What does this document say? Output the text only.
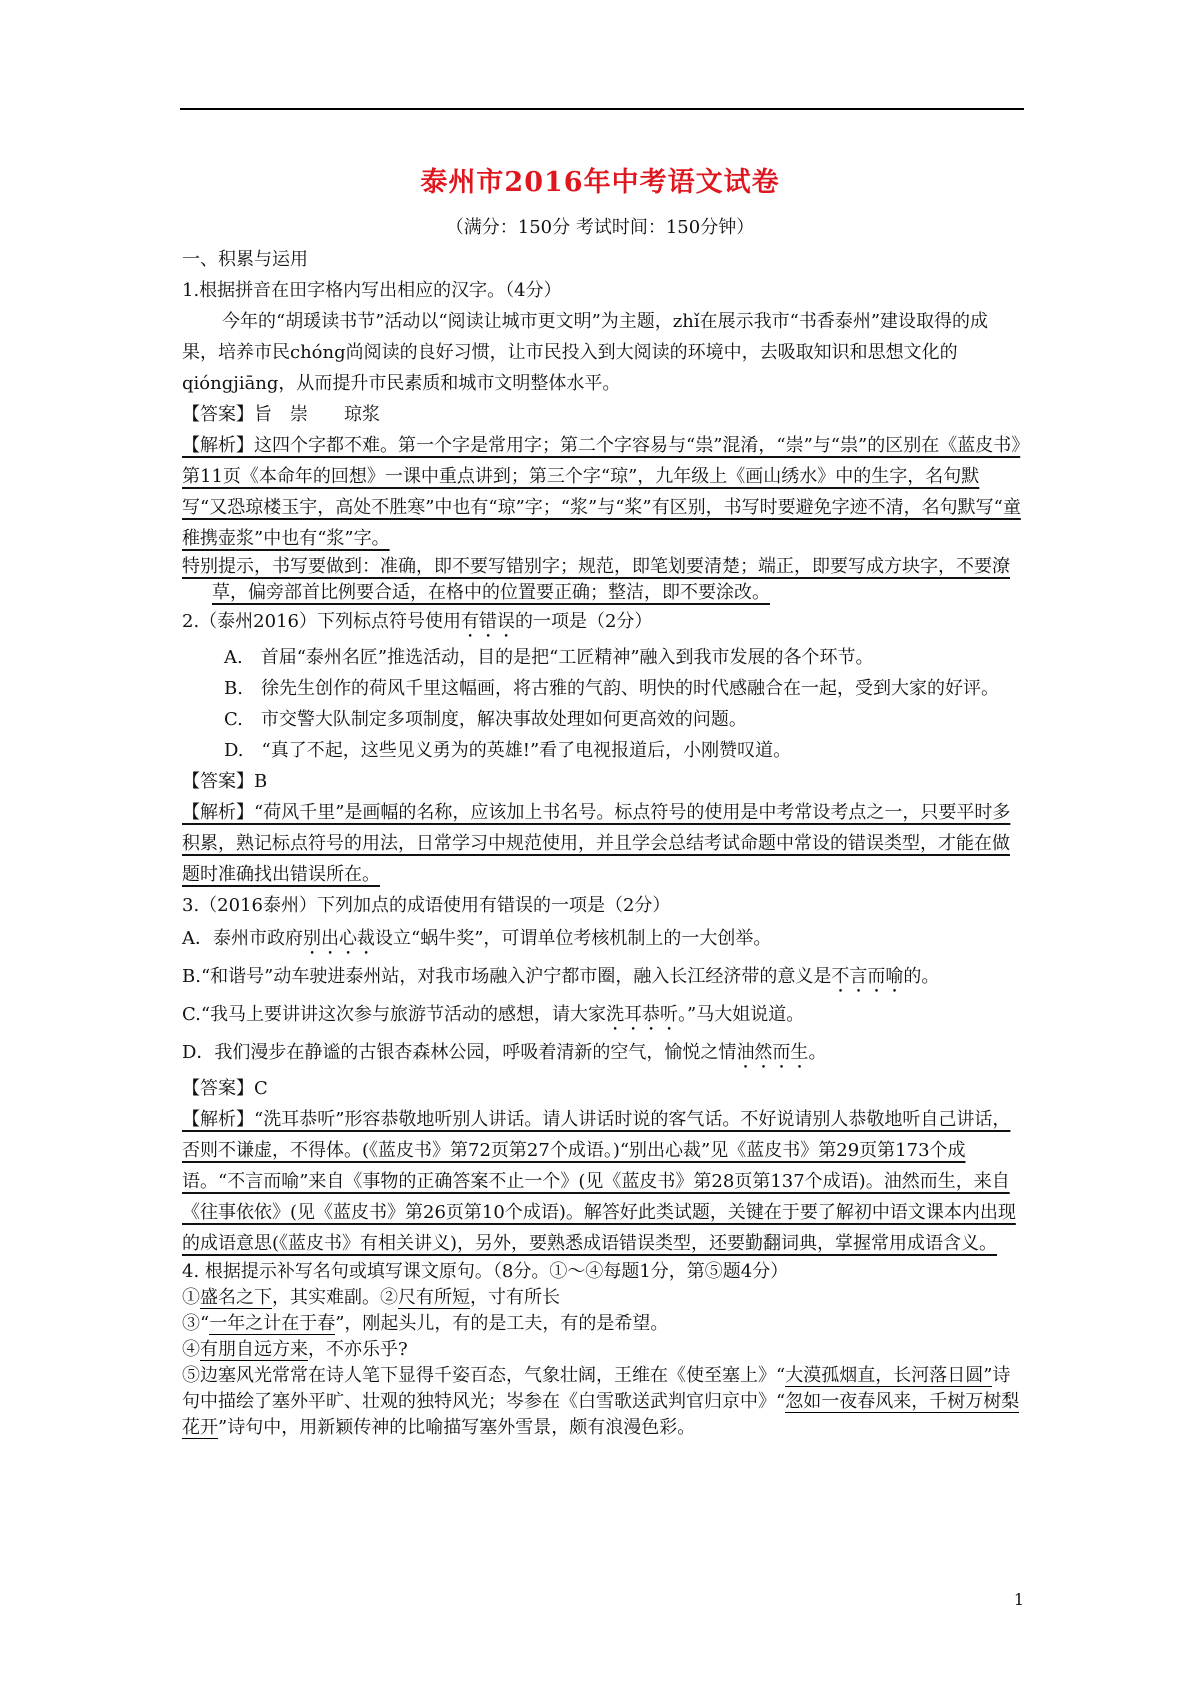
泰州市2016年中考语文试卷
（满分：150分 考试时间：150分钟）

一、积累与运用

1.根据拼音在田字格内写出相应的汉字。（4分）

今年的“胡瑗读书节”活动以“阅读让城市更文明”为主题，zhǐ在展示我市“书香泰州”建设取得的成果，培养市民chóng尚阅读的良好习惯，让市民投入到大阅读的环境中，去吸取知识和思想文化的qióngjiāng，从而提升市民素质和城市文明整体水平。

【答案】旨　崇　　琼浆

【解析】这四个字都不难。第一个字是常用字；第二个字容易与“祟”混淆，“崇”与“祟”的区别在《蓝皮书》第11页《本命年的回想》一课中重点讲到；第三个字“琼”，九年级上《画山绣水》中的生字，名句默写“又恐琼楼玉宇，高处不胜寒”中也有“琼”字；“浆”与“桨”有区别，书写时要避免字迹不清，名句默写“童稚携壶浆”中也有“浆”字。

特别提示，书写要做到：准确，即不要写错别字；规范，即笔划要清楚；端正，即要写成方块字，不要潦草，偏旁部首比例要合适，在格中的位置要正确；整洁，即不要涂改。

2.（泰州2016）下列标点符号使用有错误的一项是（2分）

A.　首届“泰州名匠”推选活动，目的是把“工匠精神”融入到我市发展的各个环节。

B.　徐先生创作的荷风千里这幅画，将古雅的气韵、明快的时代感融合在一起，受到大家的好评。

C.　市交警大队制定多项制度，解决事故处理如何更高效的问题。

D.　“真了不起，这些见义勇为的英雄!”看了电视报道后，小刚赞叹道。

【答案】B

【解析】“荷风千里”是画幅的名称，应该加上书名号。标点符号的使用是中考常设考点之一，只要平时多积累，熟记标点符号的用法，日常学习中规范使用，并且学会总结考试命题中常设的错误类型，才能在做题时准确找出错误所在。

3.（2016泰州）下列加点的成语使用有错误的一项是（2分）

A．泰州市政府别出心裁设立“蜗牛奖”，可谓单位考核机制上的一大创举。

B.“和谐号”动车驶进泰州站，对我市场融入沪宁都市圈，融入长江经济带的意义是不言而喻的。

C.“我马上要讲讲这次参与旅游节活动的感想，请大家洗耳恭听。”马大姐说道。

D．我们漫步在静谧的古银杏森林公园，呼吸着清新的空气，愉悦之情油然而生。

【答案】C

【解析】“洗耳恭听”形容恭敬地听别人讲话。请人讲话时说的客气话。不好说请别人恭敬地听自己讲话，否则不谦虚，不得体。(《蓝皮书》第72页第27个成语。)“别出心裁”见《蓝皮书》第29页第173个成语。“不言而喻”来自《事物的正确答案不止一个》(见《蓝皮书》第28页第137个成语)。油然而生，来自《往事依依》(见《蓝皮书》第26页第10个成语)。解答好此类试题，关键在于要了解初中语文课本内出现的成语意思(《蓝皮书》有相关讲义)，另外，要熟悉成语错误类型，还要勤翻词典，掌握常用成语含义。

4. 根据提示补写名句或填写课文原句。（8分。①～④每题1分，第⑤题4分）

①盛名之下，其实难副。②尺有所短，寸有所长

③“一年之计在于春”，刚起头儿，有的是工夫，有的是希望。

④有朋自远方来，不亦乐乎?

⑤边塞风光常常在诗人笔下显得千姿百态，气象壮阔，王维在《使至塞上》“大漠孤烟直，长河落日圆”诗句中描绘了塞外平旷、壮观的独特风光；岑参在《白雪歌送武判官归京中》“忽如一夜春风来，千树万树梨花开”诗句中，用新颖传神的比喻描写塞外雪景，颇有浪漫色彩。

1
